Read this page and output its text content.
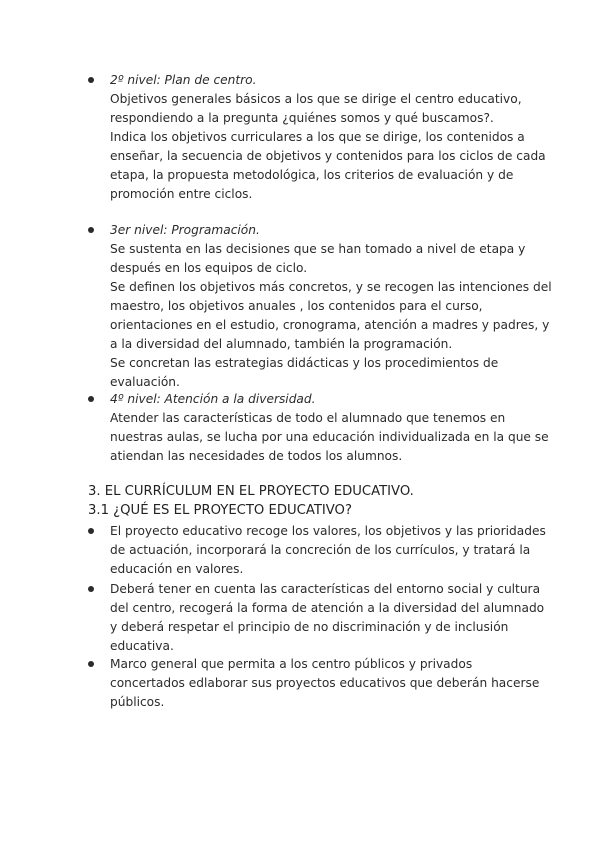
2º nivel: Plan de centro.
Objetivos generales básicos a los que se dirige el centro educativo,
respondiendo a la pregunta ¿quiénes somos y qué buscamos?.
Indica los objetivos curriculares a los que se dirige, los contenidos a
enseñar, la secuencia de objetivos y contenidos para los ciclos de cada
etapa, la propuesta metodológica, los criterios de evaluación y de
promoción entre ciclos.
3er nivel: Programación.
Se sustenta en las decisiones que se han tomado a nivel de etapa y
después en los equipos de ciclo.
Se definen los objetivos más concretos, y se recogen las intenciones del
maestro, los objetivos anuales , los contenidos para el curso,
orientaciones en el estudio, cronograma, atención a madres y padres, y
a la diversidad del alumnado, también la programación.
Se concretan las estrategias didácticas y los procedimientos de
evaluación.
4º nivel: Atención a la diversidad.
Atender las características de todo el alumnado que tenemos en
nuestras aulas, se lucha por una educación individualizada en la que se
atiendan las necesidades de todos los alumnos.
3. EL CURRÍCULUM EN EL PROYECTO EDUCATIVO.
3.1 ¿QUÉ ES EL PROYECTO EDUCATIVO?
El proyecto educativo recoge los valores, los objetivos y las prioridades
de actuación, incorporará la concreción de los currículos, y tratará la
educación en valores.
Deberá tener en cuenta las características del entorno social y cultura
del centro, recogerá la forma de atención a la diversidad del alumnado
y deberá respetar el principio de no discriminación y de inclusión
educativa.
Marco general que permita a los centro públicos y privados
concertados edlaborar sus proyectos educativos que deberán hacerse
públicos.
